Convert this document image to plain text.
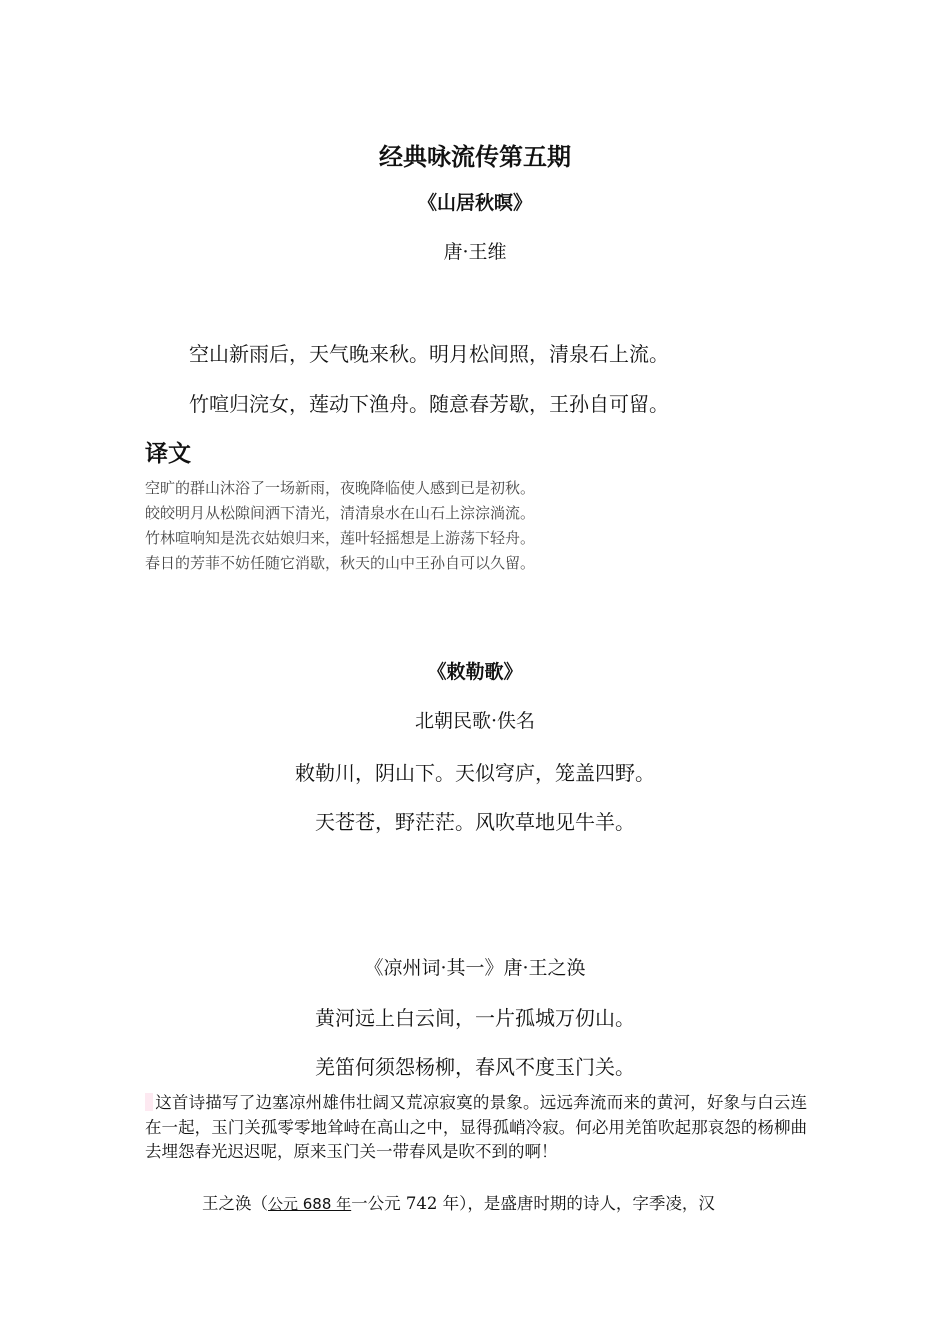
经典咏流传第五期
《山居秋暝》
唐·王维
空山新雨后，天气晚来秋。明月松间照，清泉石上流。
竹喧归浣女，莲动下渔舟。随意春芳歇，王孙自可留。
译文
空旷的群山沐浴了一场新雨，夜晚降临使人感到已是初秋。
皎皎明月从松隙间洒下清光，清清泉水在山石上淙淙淌流。
竹林喧响知是洗衣姑娘归来，莲叶轻摇想是上游荡下轻舟。
春日的芳菲不妨任随它消歇，秋天的山中王孙自可以久留。
《敕勒歌》
北朝民歌·佚名
敕勒川，阴山下。天似穹庐，笼盖四野。
天苍苍，野茫茫。风吹草地见牛羊。
《凉州词·其一》唐·王之涣
黄河远上白云间，一片孤城万仞山。
羌笛何须怨杨柳，春风不度玉门关。
这首诗描写了边塞凉州雄伟壮阔又荒凉寂寞的景象。远远奔流而来的黄河，好象与白云连在一起，玉门关孤零零地耸峙在高山之中，显得孤峭冷寂。何必用羌笛吹起那哀怨的杨柳曲去埋怨春光迟迟呢，原来玉门关一带春风是吹不到的啊！
王之涣（公元 688 年一公元 742 年），是盛唐时期的诗人，字季凌，汉
